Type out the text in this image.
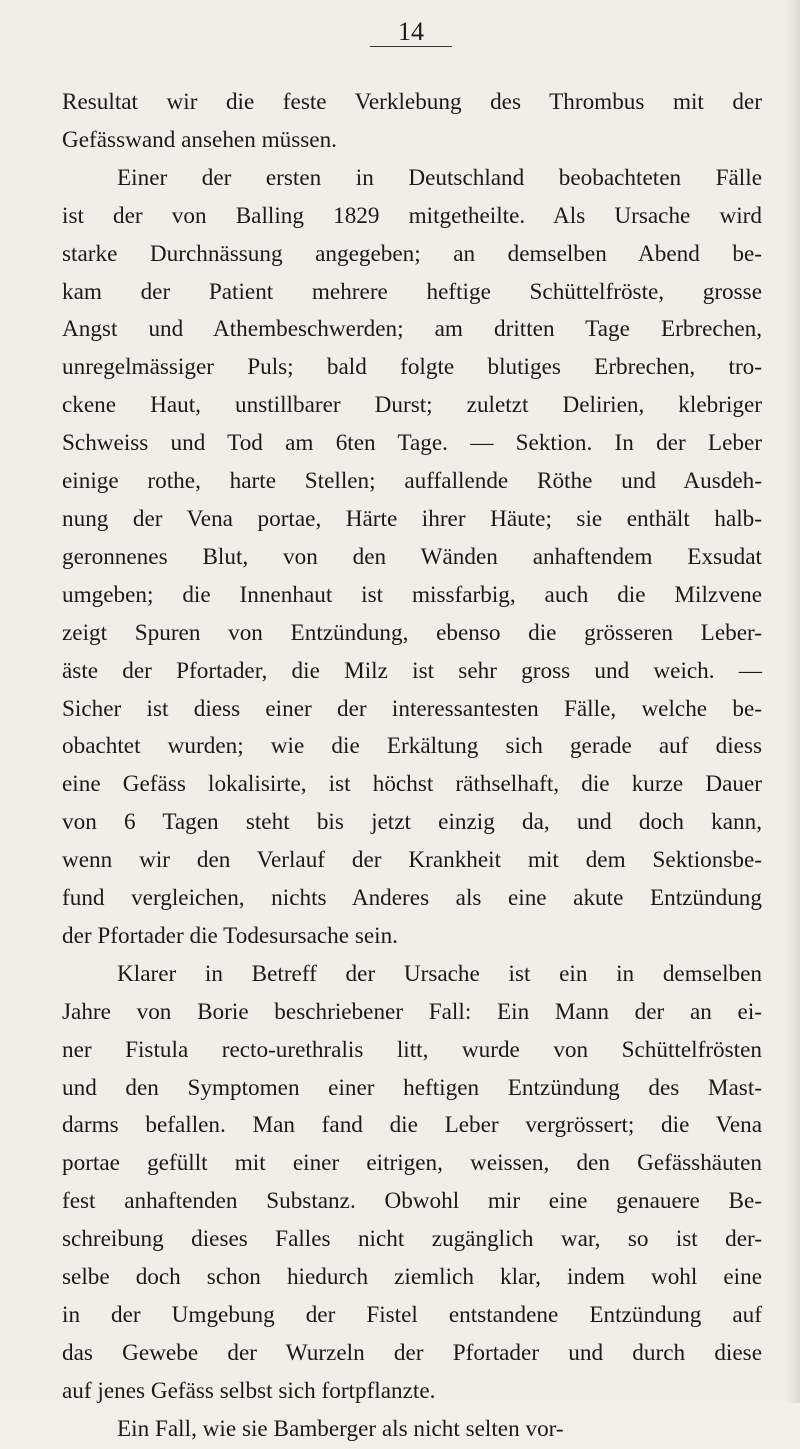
14
Resultat wir die feste Verklebung des Thrombus mit der
Gefässwand ansehen müssen.
Einer der ersten in Deutschland beobachteten Fälle
ist der von Balling 1829 mitgetheilte. Als Ursache wird
starke Durchnässung angegeben; an demselben Abend be-
kam der Patient mehrere heftige Schüttelfröste, grosse
Angst und Athembeschwerden; am dritten Tage Erbrechen,
unregelmässiger Puls; bald folgte blutiges Erbrechen, tro-
ckene Haut, unstillbarer Durst; zuletzt Delirien, klebriger
Schweiss und Tod am 6ten Tage. — Sektion. In der Leber
einige rothe, harte Stellen; auffallende Röthe und Ausdeh-
nung der Vena portae, Härte ihrer Häute; sie enthält halb-
geronnenes Blut, von den Wänden anhaftendem Exsudat
umgeben; die Innenhaut ist missfarbig, auch die Milzvene
zeigt Spuren von Entzündung, ebenso die grösseren Leber-
äste der Pfortader, die Milz ist sehr gross und weich. —
Sicher ist diess einer der interessantesten Fälle, welche be-
obachtet wurden; wie die Erkältung sich gerade auf diess
eine Gefäss lokalisirte, ist höchst räthselhaft, die kurze Dauer
von 6 Tagen steht bis jetzt einzig da, und doch kann,
wenn wir den Verlauf der Krankheit mit dem Sektionsbe-
fund vergleichen, nichts Anderes als eine akute Entzündung
der Pfortader die Todesursache sein.
Klarer in Betreff der Ursache ist ein in demselben
Jahre von Borie beschriebener Fall: Ein Mann der an ei-
ner Fistula recto-urethralis litt, wurde von Schüttelfrösten
und den Symptomen einer heftigen Entzündung des Mast-
darms befallen. Man fand die Leber vergrössert; die Vena
portae gefüllt mit einer eitrigen, weissen, den Gefässhäuten
fest anhaftenden Substanz. Obwohl mir eine genauere Be-
schreibung dieses Falles nicht zugänglich war, so ist der-
selbe doch schon hiedurch ziemlich klar, indem wohl eine
in der Umgebung der Fistel entstandene Entzündung auf
das Gewebe der Wurzeln der Pfortader und durch diese
auf jenes Gefäss selbst sich fortpflanzte.
Ein Fall, wie sie Bamberger als nicht selten vor-
